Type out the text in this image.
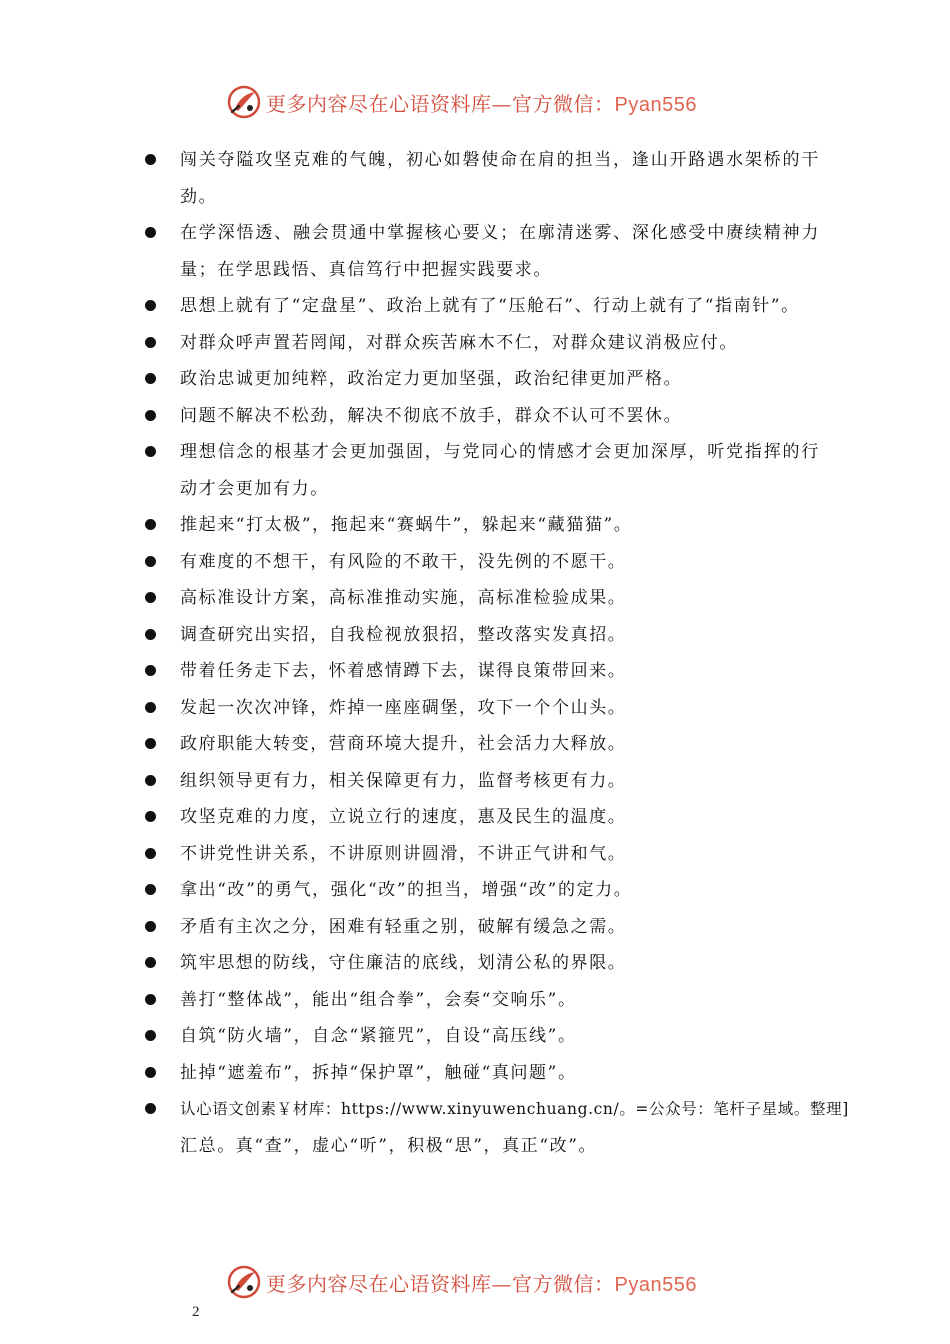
更多内容尽在心语资料库—官方微信：Pyan556
闯关夺隘攻坚克难的气魄，初心如磐使命在肩的担当，逢山开路遇水架桥的干劲。
在学深悟透、融会贯通中掌握核心要义；在廓清迷雾、深化感受中赓续精神力量；在学思践悟、真信笃行中把握实践要求。
思想上就有了“定盘星”、政治上就有了“压舱石”、行动上就有了“指南针”。
对群众呼声置若罔闻，对群众疾苦麻木不仁，对群众建议消极应付。
政治忠诚更加纯粹，政治定力更加坚强，政治纪律更加严格。
问题不解决不松劲，解决不彻底不放手，群众不认可不罢休。
理想信念的根基才会更加强固，与党同心的情感才会更加深厚，听党指挥的行动才会更加有力。
推起来“打太极”，拖起来“赛蜗牛”，躲起来“藏猫猫”。
有难度的不想干，有风险的不敢干，没先例的不愿干。
高标准设计方案，高标准推动实施，高标准检验成果。
调查研究出实招，自我检视放狠招，整改落实发真招。
带着任务走下去，怀着感情蹲下去，谋得良策带回来。
发起一次次冲锋，炸掉一座座碉堡，攻下一个个山头。
政府职能大转变，营商环境大提升，社会活力大释放。
组织领导更有力，相关保障更有力，监督考核更有力。
攻坚克难的力度，立说立行的速度，惠及民生的温度。
不讲党性讲关系，不讲原则讲圆滑，不讲正气讲和气。
拿出“改”的勇气，强化“改”的担当，增强“改”的定力。
矛盾有主次之分，困难有轻重之别，破解有缓急之需。
筑牢思想的防线，守住廉洁的底线，划清公私的界限。
善打“整体战”，能出“组合拳”，会奏“交响乐”。
自筑“防火墙”，自念“紧箍咒”，自设“高压线”。
扯掉“遮羞布”，拆掉“保护罩”，触碰“真问题”。
认心语文创素￥材库：https://www.xinyuwenchuang.cn/。=公众号：笔杆子星域。整理]
汇总。真“查”，虚心“听”，积极“思”，真正“改”。
更多内容尽在心语资料库—官方微信：Pyan556
2
